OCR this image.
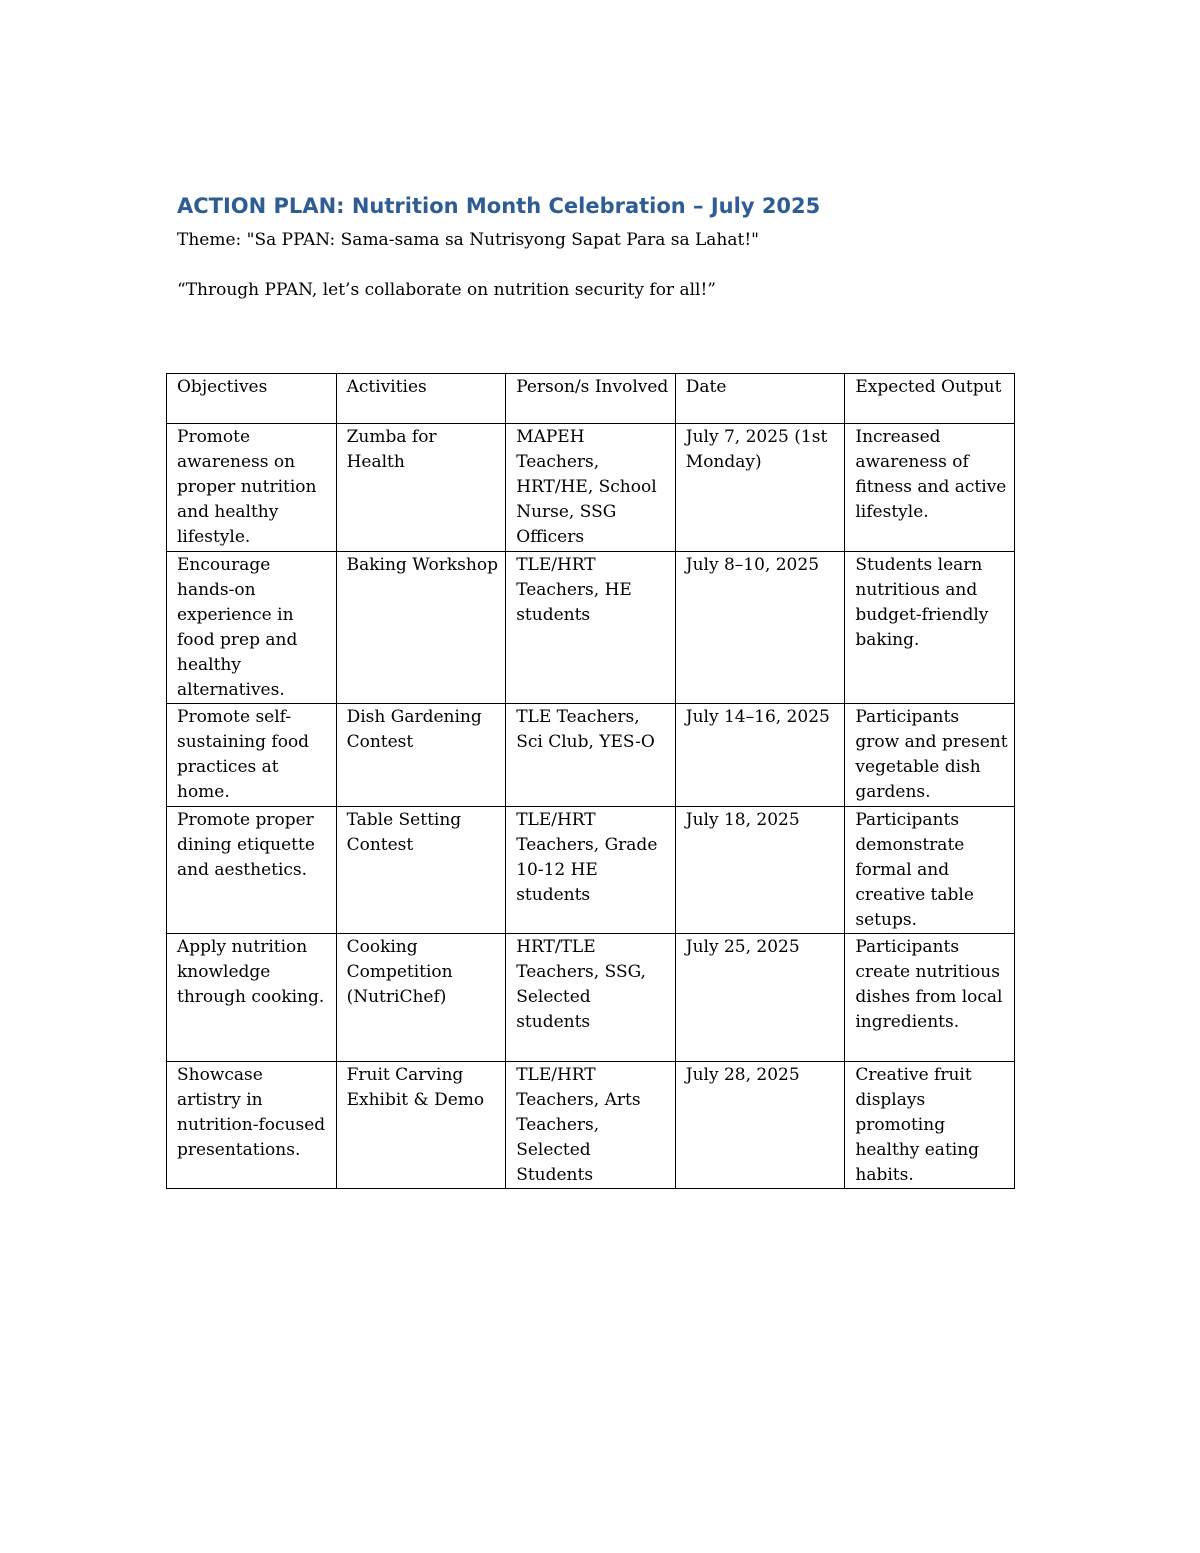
ACTION PLAN: Nutrition Month Celebration – July 2025

Theme: "Sa PPAN: Sama-sama sa Nutrisyong Sapat Para sa Lahat!"

“Through PPAN, let’s collaborate on nutrition security for all!”

Objectives	Activities	Person/s Involved	Date	Expected Output
Promote awareness on proper nutrition and healthy lifestyle.	Zumba for Health	MAPEH Teachers, HRT/HE, School Nurse, SSG Officers	July 7, 2025 (1st Monday)	Increased awareness of fitness and active lifestyle.
Encourage hands-on experience in food prep and healthy alternatives.	Baking Workshop	TLE/HRT Teachers, HE students	July 8–10, 2025	Students learn nutritious and budget-friendly baking.
Promote self-sustaining food practices at home.	Dish Gardening Contest	TLE Teachers, Sci Club, YES-O	July 14–16, 2025	Participants grow and present vegetable dish gardens.
Promote proper dining etiquette and aesthetics.	Table Setting Contest	TLE/HRT Teachers, Grade 10-12 HE students	July 18, 2025	Participants demonstrate formal and creative table setups.
Apply nutrition knowledge through cooking.	Cooking Competition (NutriChef)	HRT/TLE Teachers, SSG, Selected students	July 25, 2025	Participants create nutritious dishes from local ingredients.
Showcase artistry in nutrition-focused presentations.	Fruit Carving Exhibit & Demo	TLE/HRT Teachers, Arts Teachers, Selected Students	July 28, 2025	Creative fruit displays promoting healthy eating habits.
